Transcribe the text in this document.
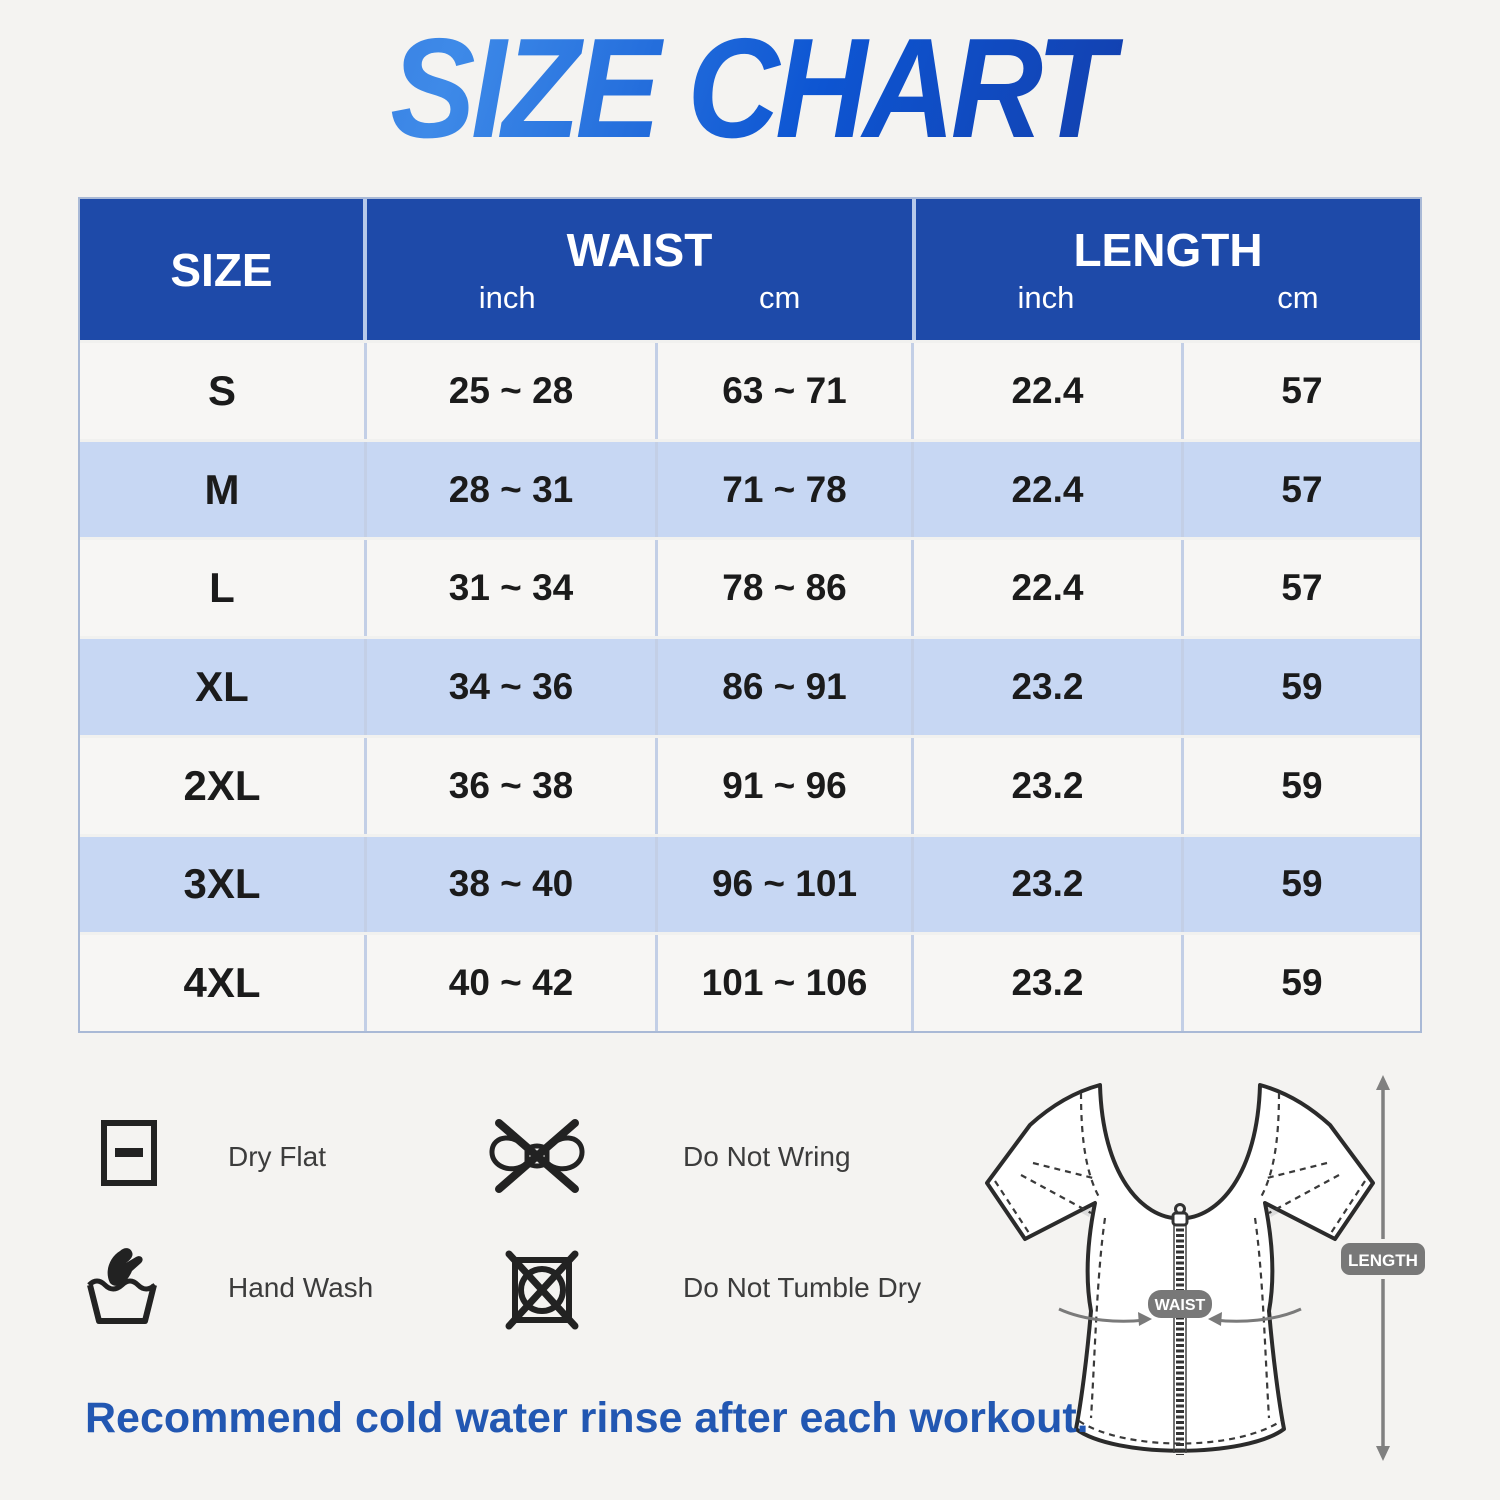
SIZE CHART
SIZE	WAIST
inch	cm
LENGTH
inch	cm
S	25 ~ 28	63 ~ 71	22.4	57
M	28 ~ 31	71 ~ 78	22.4	57
L	31 ~ 34	78 ~ 86	22.4	57
XL	34 ~ 36	86 ~ 91	23.2	59
2XL	36 ~ 38	91 ~ 96	23.2	59
3XL	38 ~ 40	96 ~ 101	23.2	59
4XL	40 ~ 42	101 ~ 106	23.2	59
Dry Flat	Do Not Wring
Hand Wash	Do Not Tumble Dry
WAIST
LENGTH
Recommend cold water rinse after each workout.
